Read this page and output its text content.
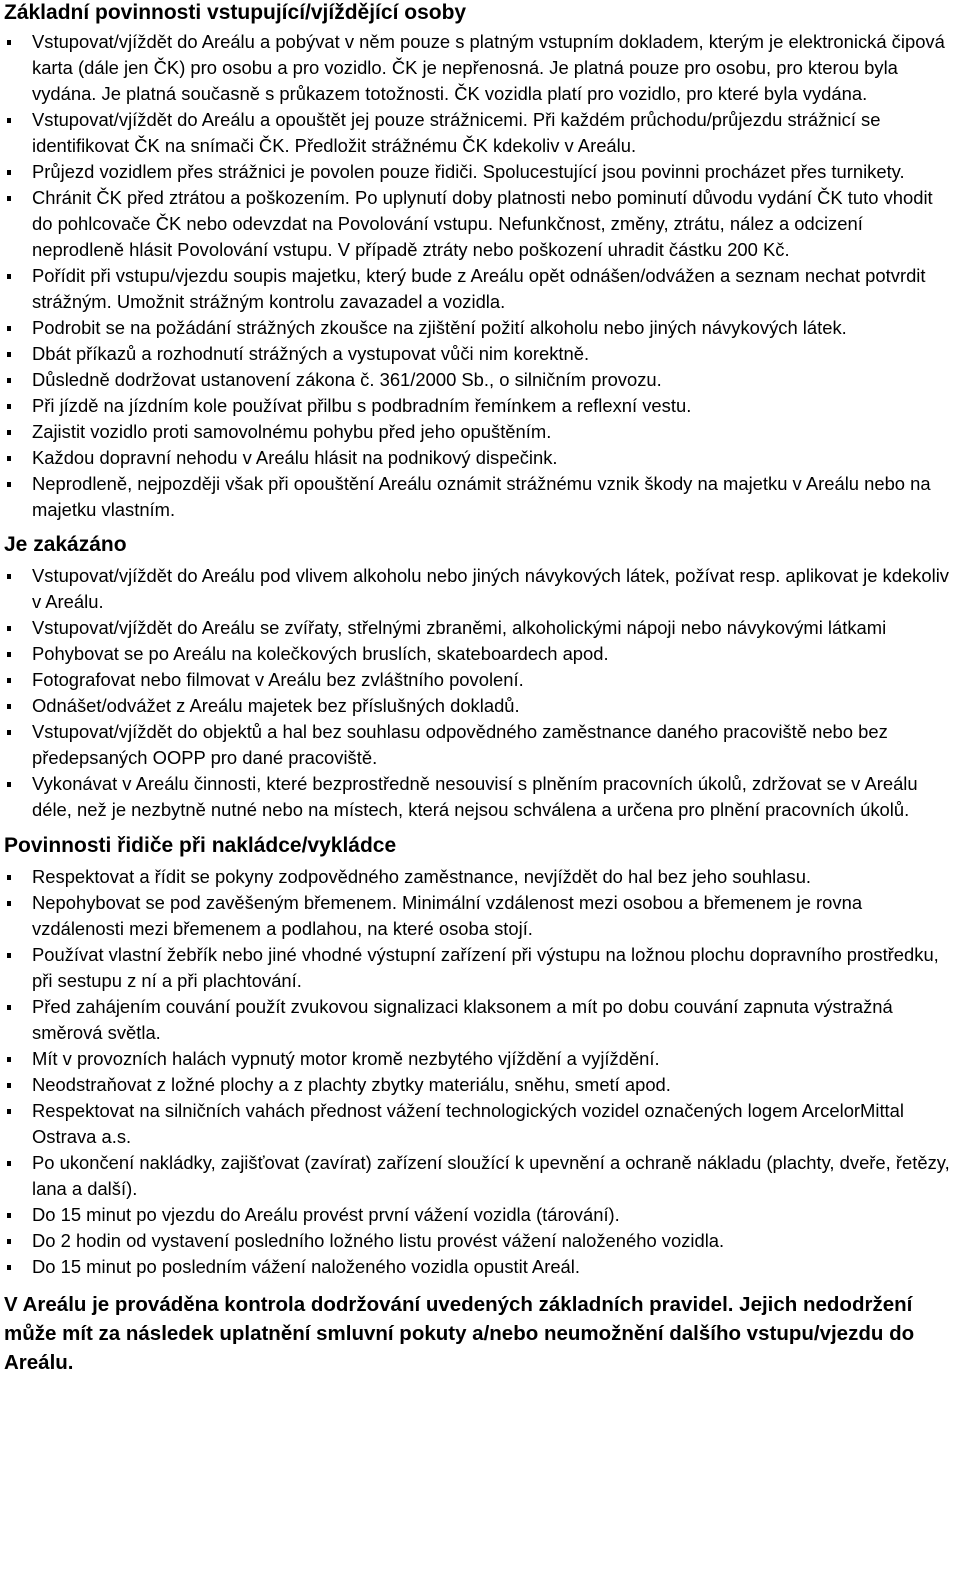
Základní povinnosti vstupující/vjíždějící osoby
Vstupovat/vjíždět do Areálu a pobývat v něm pouze s platným vstupním dokladem, kterým je elektronická čipová karta (dále jen ČK) pro osobu a pro vozidlo. ČK je nepřenosná. Je platná pouze pro osobu, pro kterou byla vydána. Je platná současně s průkazem totožnosti. ČK vozidla platí pro vozidlo, pro které byla vydána.
Vstupovat/vjíždět do Areálu a opouštět jej pouze strážnicemi. Při každém průchodu/průjezdu strážnicí se identifikovat ČK na snímači ČK. Předložit strážnému ČK kdekoliv v Areálu.
Průjezd vozidlem přes strážnici je povolen pouze řidiči. Spolucestující jsou povinni procházet přes turnikety.
Chránit ČK před ztrátou a poškozením. Po uplynutí doby platnosti nebo pominutí důvodu vydání ČK tuto vhodit do pohlcovače ČK nebo odevzdat na Povolování vstupu. Nefunkčnost, změny, ztrátu, nález a odcizení neprodleně hlásit Povolování vstupu. V případě ztráty nebo poškození uhradit částku 200 Kč.
Pořídit při vstupu/vjezdu soupis majetku, který bude z Areálu opět odnášen/odvážen a seznam nechat potvrdit strážným. Umožnit strážným kontrolu zavazadel a vozidla.
Podrobit se na požádání strážných zkoušce na zjištění požití alkoholu nebo jiných návykových látek.
Dbát příkazů a rozhodnutí strážných a vystupovat vůči nim korektně.
Důsledně dodržovat ustanovení zákona č. 361/2000 Sb., o silničním provozu.
Při jízdě na jízdním kole používat přilbu s podbradním řemínkem a reflexní vestu.
Zajistit vozidlo proti samovolnému pohybu před jeho opuštěním.
Každou dopravní nehodu v Areálu hlásit na podnikový dispečink.
Neprodleně, nejpozději však při opouštění Areálu oznámit strážnému vznik škody na majetku v Areálu nebo na majetku vlastním.
Je zakázáno
Vstupovat/vjíždět do Areálu pod vlivem alkoholu nebo jiných návykových látek, požívat resp. aplikovat je kdekoliv v Areálu.
Vstupovat/vjíždět do Areálu se zvířaty, střelnými zbraněmi, alkoholickými nápoji nebo návykovými látkami
Pohybovat se po Areálu na kolečkových bruslích, skateboardech apod.
Fotografovat nebo filmovat v Areálu bez zvláštního povolení.
Odnášet/odvážet z Areálu majetek bez příslušných dokladů.
Vstupovat/vjíždět do objektů a hal bez souhlasu odpovědného zaměstnance daného pracoviště nebo bez předepsaných OOPP pro dané pracoviště.
Vykonávat v Areálu činnosti, které bezprostředně nesouvisí s plněním pracovních úkolů, zdržovat se v Areálu déle, než je nezbytně nutné nebo na místech, která nejsou schválena a určena pro plnění pracovních úkolů.
Povinnosti řidiče při nakládce/vykládce
Respektovat a řídit se pokyny zodpovědného zaměstnance, nevjíždět do hal bez jeho souhlasu.
Nepohybovat se pod zavěšeným břemenem. Minimální vzdálenost mezi osobou a břemenem je rovna vzdálenosti mezi břemenem a podlahou, na které osoba stojí.
Používat vlastní žebřík nebo jiné vhodné výstupní zařízení při výstupu na ložnou plochu dopravního prostředku, při sestupu z ní a při plachtování.
Před zahájením couvání použít zvukovou signalizaci klaksonem a mít po dobu couvání zapnuta výstražná směrová světla.
Mít v provozních halách vypnutý motor kromě nezbytého vjíždění a vyjíždění.
Neodstraňovat z ložné plochy a z plachty zbytky materiálu, sněhu, smetí apod.
Respektovat na silničních vahách přednost vážení technologických vozidel označených logem ArcelorMittal Ostrava a.s.
Po ukončení nakládky, zajišťovat (zavírat) zařízení sloužící k upevnění a ochraně nákladu (plachty, dveře, řetězy, lana a další).
Do 15 minut po vjezdu do Areálu provést první vážení vozidla (tárování).
Do 2 hodin od vystavení posledního ložného listu provést vážení naloženého vozidla.
Do 15 minut po posledním vážení naloženého vozidla opustit Areál.
V Areálu je prováděna kontrola dodržování uvedených základních pravidel. Jejich nedodržení může mít za následek uplatnění smluvní pokuty a/nebo neumožnění dalšího vstupu/vjezdu do Areálu.
